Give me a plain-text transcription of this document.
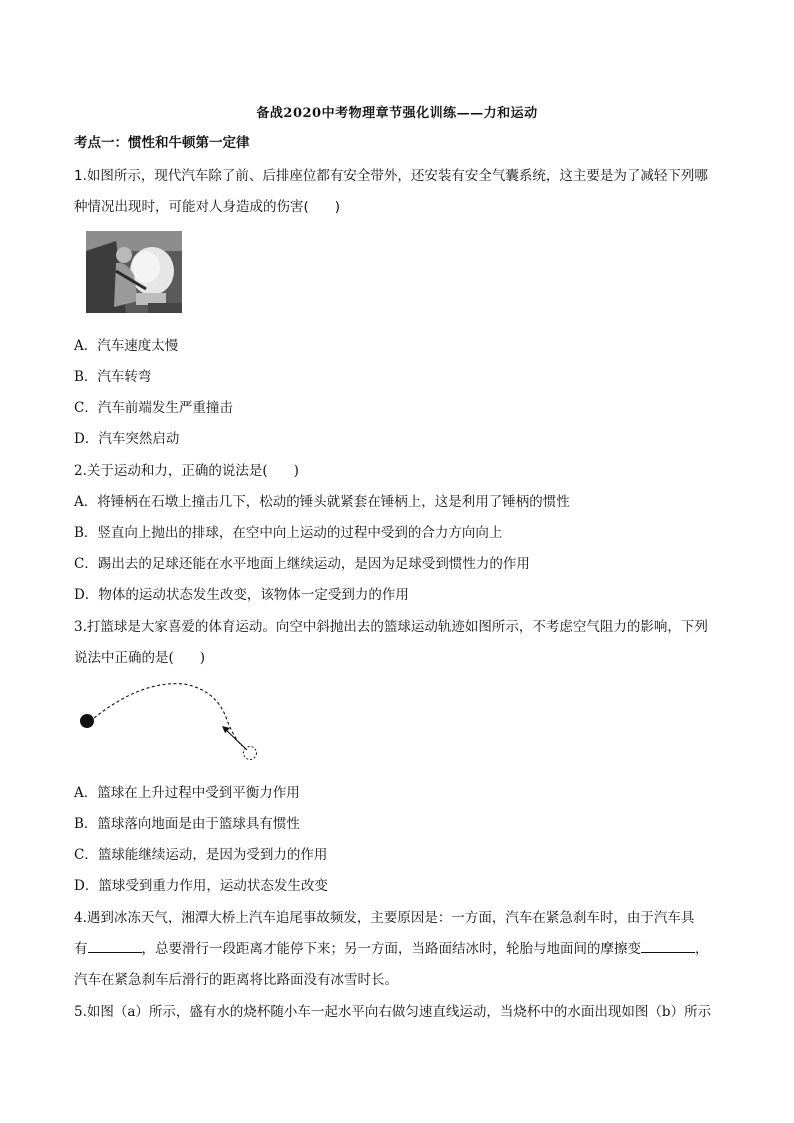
备战2020中考物理章节强化训练——力和运动
考点一：惯性和牛顿第一定律
1.如图所示，现代汽车除了前、后排座位都有安全带外，还安装有安全气囊系统，这主要是为了减轻下列哪
种情况出现时，可能对人身造成的伤害( )
A．汽车速度太慢
B．汽车转弯
C．汽车前端发生严重撞击
D．汽车突然启动
2.关于运动和力，正确的说法是( )
A．将锤柄在石墩上撞击几下，松动的锤头就紧套在锤柄上，这是利用了锤柄的惯性
B．竖直向上抛出的排球，在空中向上运动的过程中受到的合力方向向上
C．踢出去的足球还能在水平地面上继续运动，是因为足球受到惯性力的作用
D．物体的运动状态发生改变，该物体一定受到力的作用
3.打篮球是大家喜爱的体育运动。向空中斜抛出去的篮球运动轨迹如图所示，不考虑空气阻力的影响，下列
说法中正确的是( )
A．篮球在上升过程中受到平衡力作用
B．篮球落向地面是由于篮球具有惯性
C．篮球能继续运动，是因为受到力的作用
D．篮球受到重力作用，运动状态发生改变
4.遇到冰冻天气，湘潭大桥上汽车追尾事故频发，主要原因是：一方面，汽车在紧急刹车时，由于汽车具
有	，总要滑行一段距离才能停下来；另一方面，当路面结冰时，轮胎与地面间的摩擦变	，
汽车在紧急刹车后滑行的距离将比路面没有冰雪时长。
5.如图（a）所示，盛有水的烧杯随小车一起水平向右做匀速直线运动，当烧杯中的水面出现如图（b）所示
